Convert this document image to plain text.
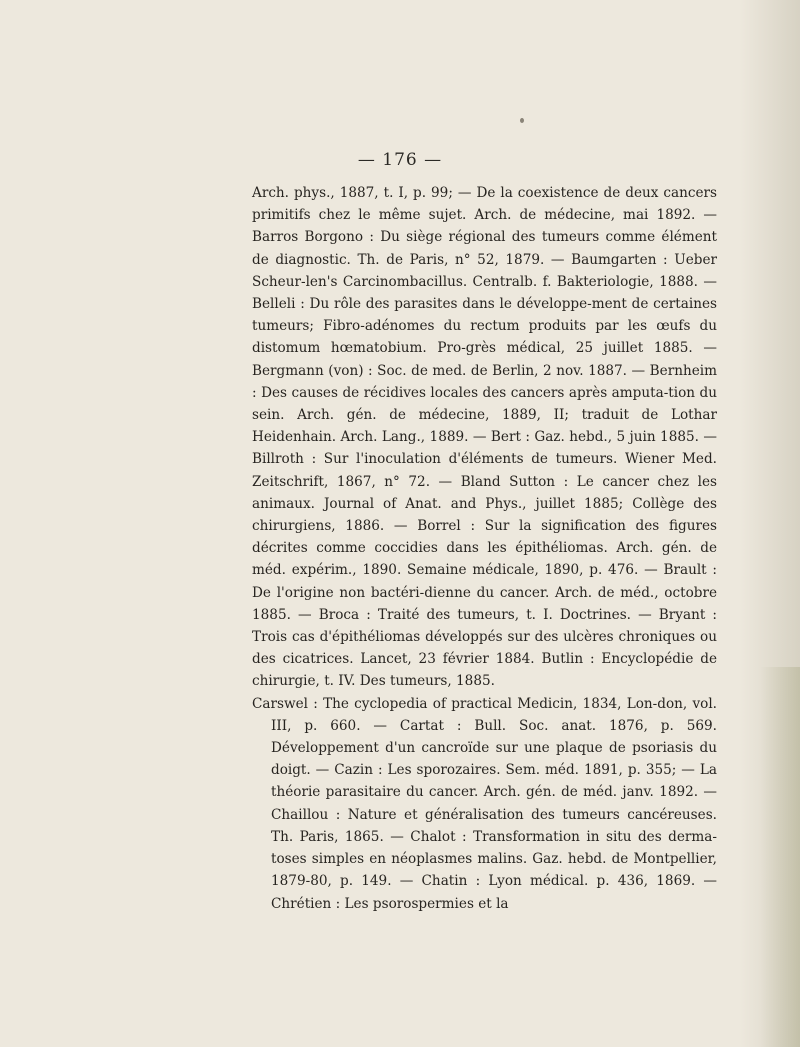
— 176 —

Arch. phys., 1887, t. I, p. 99; — De la coexistence de deux cancers primitifs chez le même sujet. Arch. de médecine, mai 1892. — Barros Borgono : Du siège régional des tumeurs comme élément de diagnostic. Th. de Paris, n° 52, 1879. — Baumgarten : Ueber Scheur-len's Carcinombacillus. Centralb. f. Bakteriologie, 1888. — Belleli : Du rôle des parasites dans le développe-ment de certaines tumeurs; Fibro-adénomes du rectum produits par les œufs du distomum hœmatobium. Pro-grès médical, 25 juillet 1885. — Bergmann (von) : Soc. de med. de Berlin, 2 nov. 1887. — Bernheim : Des causes de récidives locales des cancers après amputa-tion du sein. Arch. gén. de médecine, 1889, II; traduit de Lothar Heidenhain. Arch. Lang., 1889. — Bert : Gaz. hebd., 5 juin 1885. — Billroth : Sur l'inoculation d'éléments de tumeurs. Wiener Med. Zeitschrift, 1867, n° 72. — Bland Sutton : Le cancer chez les animaux. Journal of Anat. and Phys., juillet 1885; Collège des chirurgiens, 1886. — Borrel : Sur la signification des figures décrites comme coccidies dans les épithéliomas. Arch. gén. de méd. expérim., 1890. Semaine médicale, 1890, p. 476. — Brault : De l'origine non bactéri-dienne du cancer. Arch. de méd., octobre 1885. — Broca : Traité des tumeurs, t. I. Doctrines. — Bryant : Trois cas d'épithéliomas développés sur des ulcères chroniques ou des cicatrices. Lancet, 23 février 1884. Butlin : Encyclopédie de chirurgie, t. IV. Des tumeurs, 1885.

Carswel : The cyclopedia of practical Medicin, 1834, Lon-don, vol. III, p. 660. — Cartat : Bull. Soc. anat. 1876, p. 569. Développement d'un cancroïde sur une plaque de psoriasis du doigt. — Cazin : Les sporozaires. Sem. méd. 1891, p. 355; — La théorie parasitaire du cancer. Arch. gén. de méd. janv. 1892. — Chaillou : Nature et généralisation des tumeurs cancéreuses. Th. Paris, 1865. — Chalot : Transformation in situ des derma-toses simples en néoplasmes malins. Gaz. hebd. de Montpellier, 1879-80, p. 149. — Chatin : Lyon médical. p. 436, 1869. — Chrétien : Les psorospermies et la
